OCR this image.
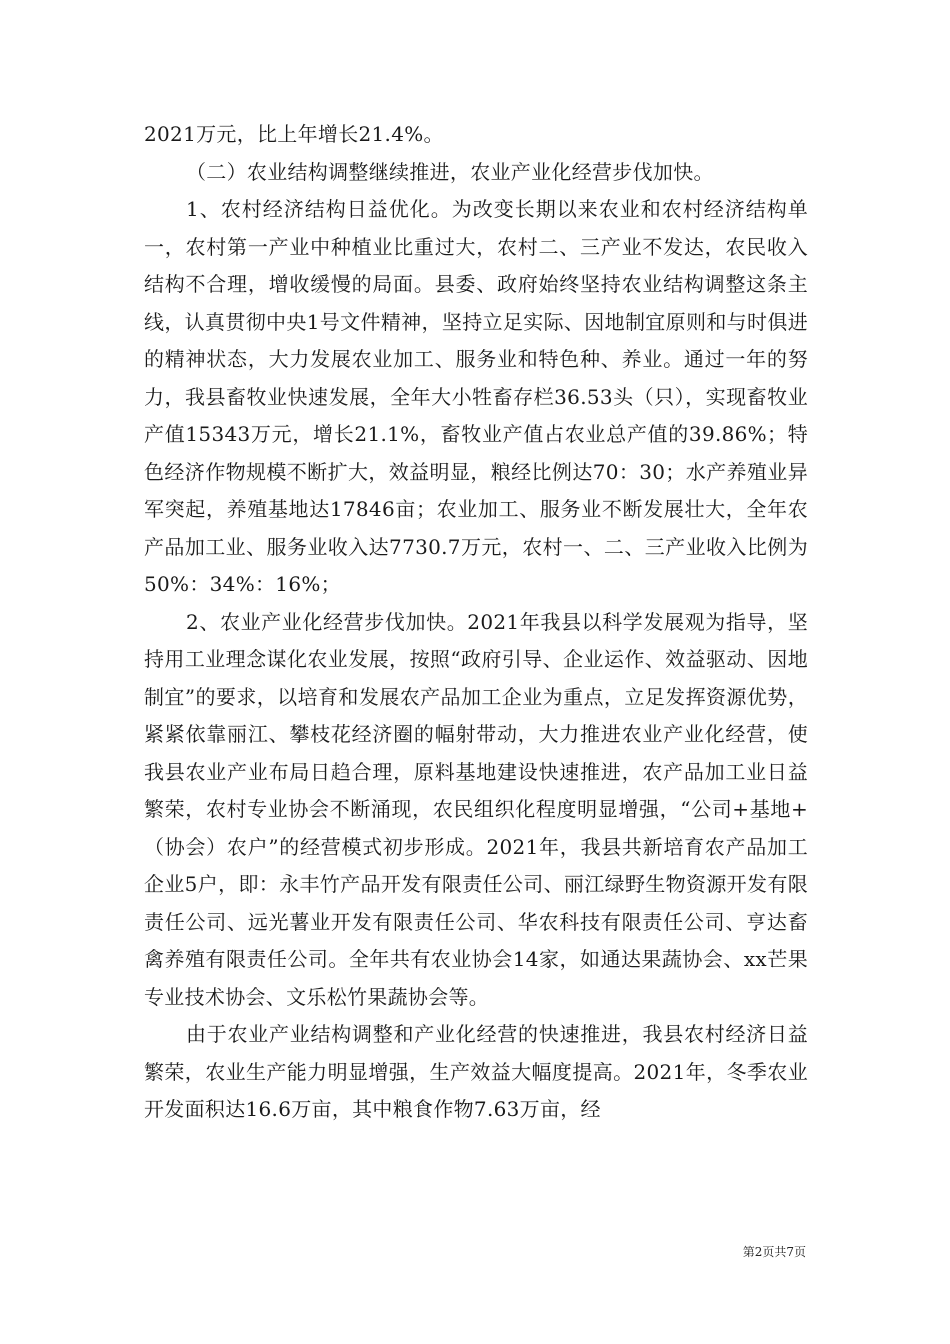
2021万元，比上年增长21.4%。

（二）农业结构调整继续推进，农业产业化经营步伐加快。

1、农村经济结构日益优化。为改变长期以来农业和农村经济结构单一，农村第一产业中种植业比重过大，农村二、三产业不发达，农民收入结构不合理，增收缓慢的局面。县委、政府始终坚持农业结构调整这条主线，认真贯彻中央1号文件精神，坚持立足实际、因地制宜原则和与时俱进的精神状态，大力发展农业加工、服务业和特色种、养业。通过一年的努力，我县畜牧业快速发展，全年大小牲畜存栏36.53头（只），实现畜牧业产值15343万元，增长21.1%，畜牧业产值占农业总产值的39.86%；特色经济作物规模不断扩大，效益明显，粮经比例达70：30；水产养殖业异军突起，养殖基地达17846亩；农业加工、服务业不断发展壮大，全年农产品加工业、服务业收入达7730.7万元，农村一、二、三产业收入比例为50%：34%：16%；

2、农业产业化经营步伐加快。2021年我县以科学发展观为指导，坚持用工业理念谋化农业发展，按照“政府引导、企业运作、效益驱动、因地制宜”的要求，以培育和发展农产品加工企业为重点，立足发挥资源优势，紧紧依靠丽江、攀枝花经济圈的幅射带动，大力推进农业产业化经营，使我县农业产业布局日趋合理，原料基地建设快速推进，农产品加工业日益繁荣，农村专业协会不断涌现，农民组织化程度明显增强，“公司+基地+（协会）农户”的经营模式初步形成。2021年，我县共新培育农产品加工企业5户，即：永丰竹产品开发有限责任公司、丽江绿野生物资源开发有限责任公司、远光薯业开发有限责任公司、华农科技有限责任公司、亨达畜禽养殖有限责任公司。全年共有农业协会14家，如通达果蔬协会、xx芒果专业技术协会、文乐松竹果蔬协会等。

由于农业产业结构调整和产业化经营的快速推进，我县农村经济日益繁荣，农业生产能力明显增强，生产效益大幅度提高。2021年，冬季农业开发面积达16.6万亩，其中粮食作物7.63万亩，经

第2页共7页
